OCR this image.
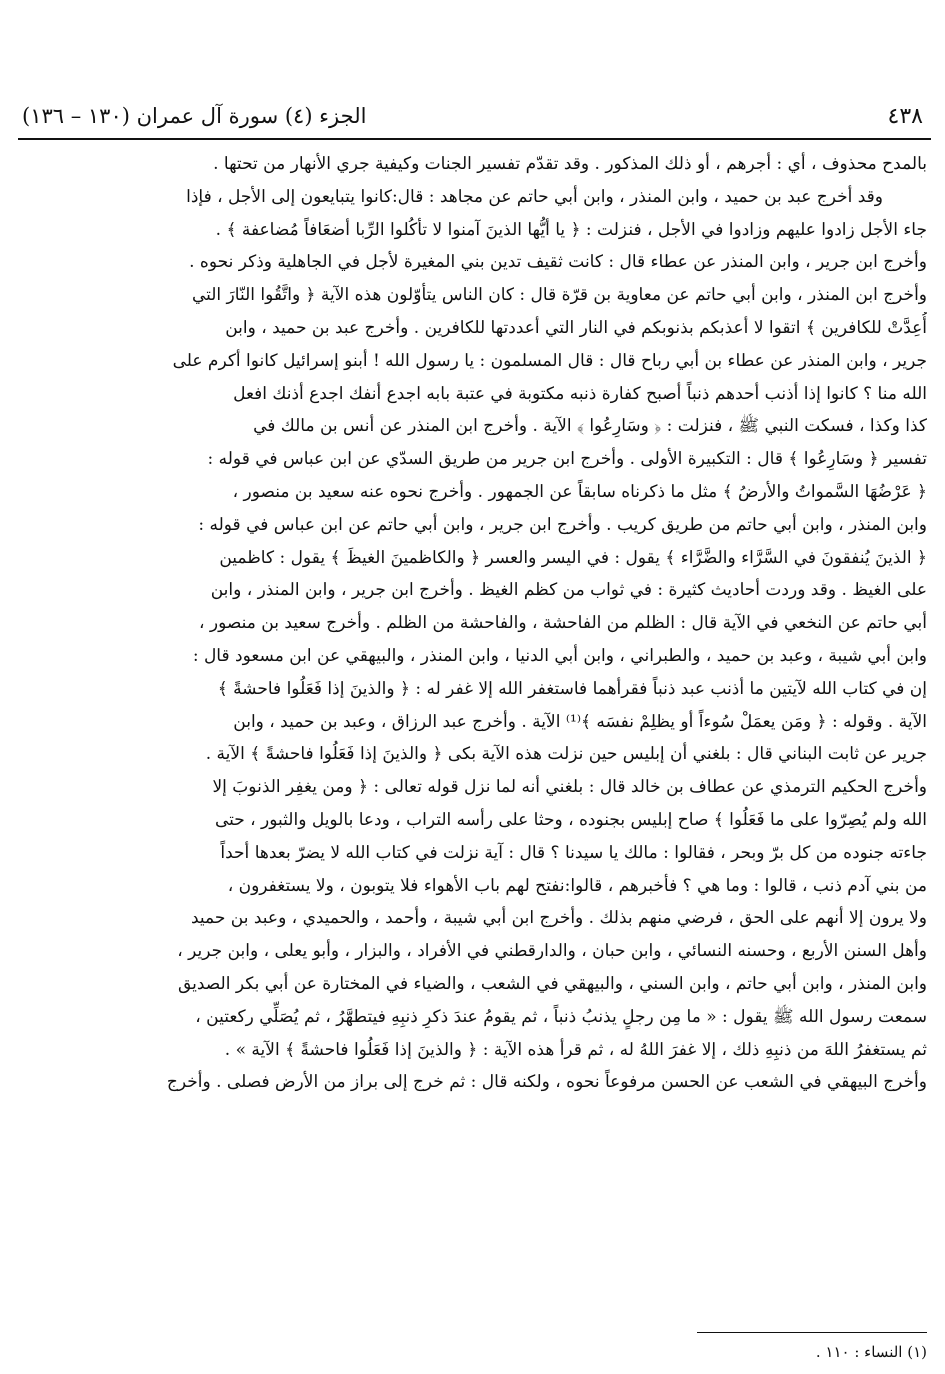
٤٣٨
الجزء (٤) سورة آل عمران (١٣٠ – ١٣٦)
بالمدح محذوف ، أي : أجرهم ، أو ذلك المذكور . وقد تقدّم تفسير الجنات وكيفية جري الأنهار من تحتها .
وقد أخرج عبد بن حميد ، وابن المنذر ، وابن أبي حاتم عن مجاهد : قال:كانوا يتبايعون إلى الأجل ، فإذا
جاء الأجل زادوا عليهم وزادوا في الأجل ، فنزلت : ﴿ يا أيُّها الذينَ آمنوا لا تأكُلوا الرِّبا أضعَافاً مُضاعفة ﴾ .
وأخرج ابن جرير ، وابن المنذر عن عطاء قال : كانت ثقيف تدين بني المغيرة لأجل في الجاهلية وذكر نحوه .
وأخرج ابن المنذر ، وابن أبي حاتم عن معاوية بن قرّة قال : كان الناس يتأوّلون هذه الآية ﴿ واتَّقُوا النّارَ التي
أُعِدَّتْ للكافرين ﴾ اتقوا لا أعذبكم بذنوبكم في النار التي أعددتها للكافرين . وأخرج عبد بن حميد ، وابن
جرير ، وابن المنذر عن عطاء بن أبي رباح قال : قال المسلمون : يا رسول الله ! أبنو إسرائيل كانوا أكرم على
الله منا ؟ كانوا إذا أذنب أحدهم ذنباً أصبح كفارة ذنبه مكتوبة في عتبة بابه اجدع أنفك اجدع أذنك افعل
كذا وكذا ، فسكت النبي ﷺ ، فنزلت : ﴿ وسَارِعُوا ﴾ الآية . وأخرج ابن المنذر عن أنس بن مالك في
تفسير ﴿ وسَارِعُوا ﴾ قال : التكبيرة الأولى . وأخرج ابن جرير من طريق السدّي عن ابن عباس في قوله :
﴿ عَرْضُهَا السَّمواتُ والأرضُ ﴾ مثل ما ذكرناه سابقاً عن الجمهور . وأخرج نحوه عنه سعيد بن منصور ،
وابن المنذر ، وابن أبي حاتم من طريق كريب . وأخرج ابن جرير ، وابن أبي حاتم عن ابن عباس في قوله :
﴿ الذينَ يُنفقونَ في السَّرَّاء والضَّرَّاء ﴾ يقول : في اليسر والعسر ﴿ والكاظمينَ الغيظَ ﴾ يقول : كاظمين
على الغيظ . وقد وردت أحاديث كثيرة : في ثواب من كظم الغيظ . وأخرج ابن جرير ، وابن المنذر ، وابن
أبي حاتم عن النخعي في الآية قال : الظلم من الفاحشة ، والفاحشة من الظلم . وأخرج سعيد بن منصور ،
وابن أبي شيبة ، وعبد بن حميد ، والطبراني ، وابن أبي الدنيا ، وابن المنذر ، والبيهقي عن ابن مسعود قال :
إن في كتاب الله لآيتين ما أذنب عبد ذنباً فقرأهما فاستغفر الله إلا غفر له : ﴿ والذينَ إذا فَعَلُوا فاحشةً ﴾
الآية . وقوله : ﴿ ومَن يعمَلْ سُوءاً أو يظلِمْ نفسَه ﴾⁽¹⁾ الآية . وأخرج عبد الرزاق ، وعبد بن حميد ، وابن
جرير عن ثابت البناني قال : بلغني أن إبليس حين نزلت هذه الآية بكى ﴿ والذينَ إذا فَعَلُوا فاحشةً ﴾ الآية .
وأخرج الحكيم الترمذي عن عطاف بن خالد قال : بلغني أنه لما نزل قوله تعالى : ﴿ ومن يغفِر الذنوبَ إلا
الله ولم يُصِرّوا على ما فَعَلُوا ﴾ صاح إبليس بجنوده ، وحثا على رأسه التراب ، ودعا بالويل والثبور ، حتى
جاءته جنوده من كل برّ وبحر ، فقالوا : مالك يا سيدنا ؟ قال : آية نزلت في كتاب الله لا يضرّ بعدها أحداً
من بني آدم ذنب ، قالوا : وما هي ؟ فأخبرهم ، قالوا:نفتح لهم باب الأهواء فلا يتوبون ، ولا يستغفرون ،
ولا يرون إلا أنهم على الحق ، فرضي منهم بذلك . وأخرج ابن أبي شيبة ، وأحمد ، والحميدي ، وعبد بن حميد
وأهل السنن الأربع ، وحسنه النسائي ، وابن حبان ، والدارقطني في الأفراد ، والبزار ، وأبو يعلى ، وابن جرير ،
وابن المنذر ، وابن أبي حاتم ، وابن السني ، والبيهقي في الشعب ، والضياء في المختارة عن أبي بكر الصديق
سمعت رسول الله ﷺ يقول : « ما مِن رجلٍ يذنبُ ذنباً ، ثم يقومُ عندَ ذكرِ ذنبِهِ فيتطهَّرُ ، ثم يُصَلِّي ركعتين ،
ثم يستغفرُ اللهَ من ذنبِهِ ذلك ، إلا غفرَ اللهُ له ، ثم قرأ هذه الآية : ﴿ والذينَ إذا فَعَلُوا فاحشةً ﴾ الآية » .
وأخرج البيهقي في الشعب عن الحسن مرفوعاً نحوه ، ولكنه قال : ثم خرج إلى براز من الأرض فصلى . وأخرج
(١) النساء : ١١٠ .
